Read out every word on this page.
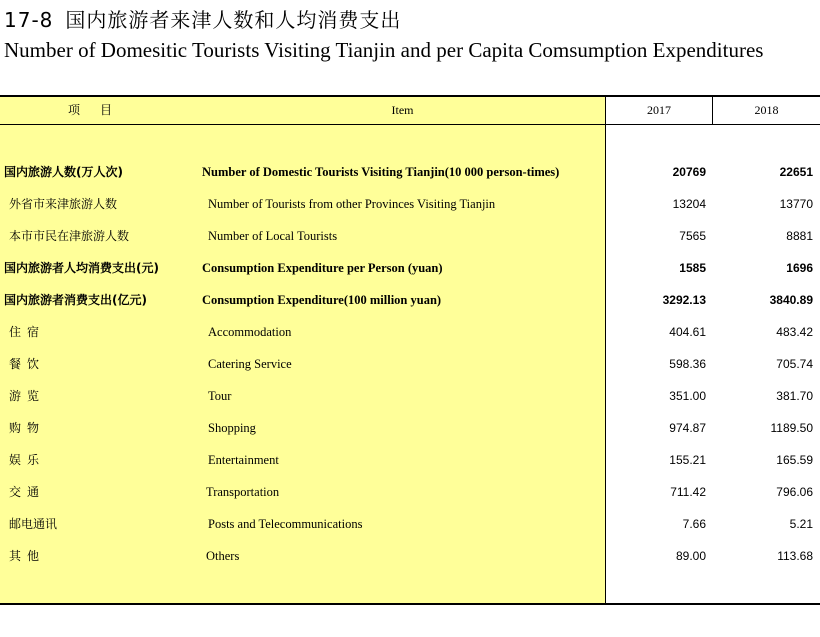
17-8 国内旅游者来津人数和人均消费支出
Number of Domesitic Tourists Visiting Tianjin and per Capita Comsumption Expenditures
项目	Item	2017	2018
国内旅游人数(万人次)	Number of Domestic Tourists Visiting Tianjin(10 000 person-times)	20769	22651
外省市来津旅游人数	Number of Tourists from other Provinces Visiting Tianjin	13204	13770
本市市民在津旅游人数	Number of Local Tourists	7565	8881
国内旅游者人均消费支出(元)	Consumption Expenditure per Person (yuan)	1585	1696
国内旅游者消费支出(亿元)	Consumption Expenditure(100 million yuan)	3292.13	3840.89
住宿	Accommodation	404.61	483.42
餐饮	Catering Service	598.36	705.74
游览	Tour	351.00	381.70
购物	Shopping	974.87	1189.50
娱乐	Entertainment	155.21	165.59
交通	Transportation	711.42	796.06
邮电通讯	Posts and Telecommunications	7.66	5.21
其他	Others	89.00	113.68
